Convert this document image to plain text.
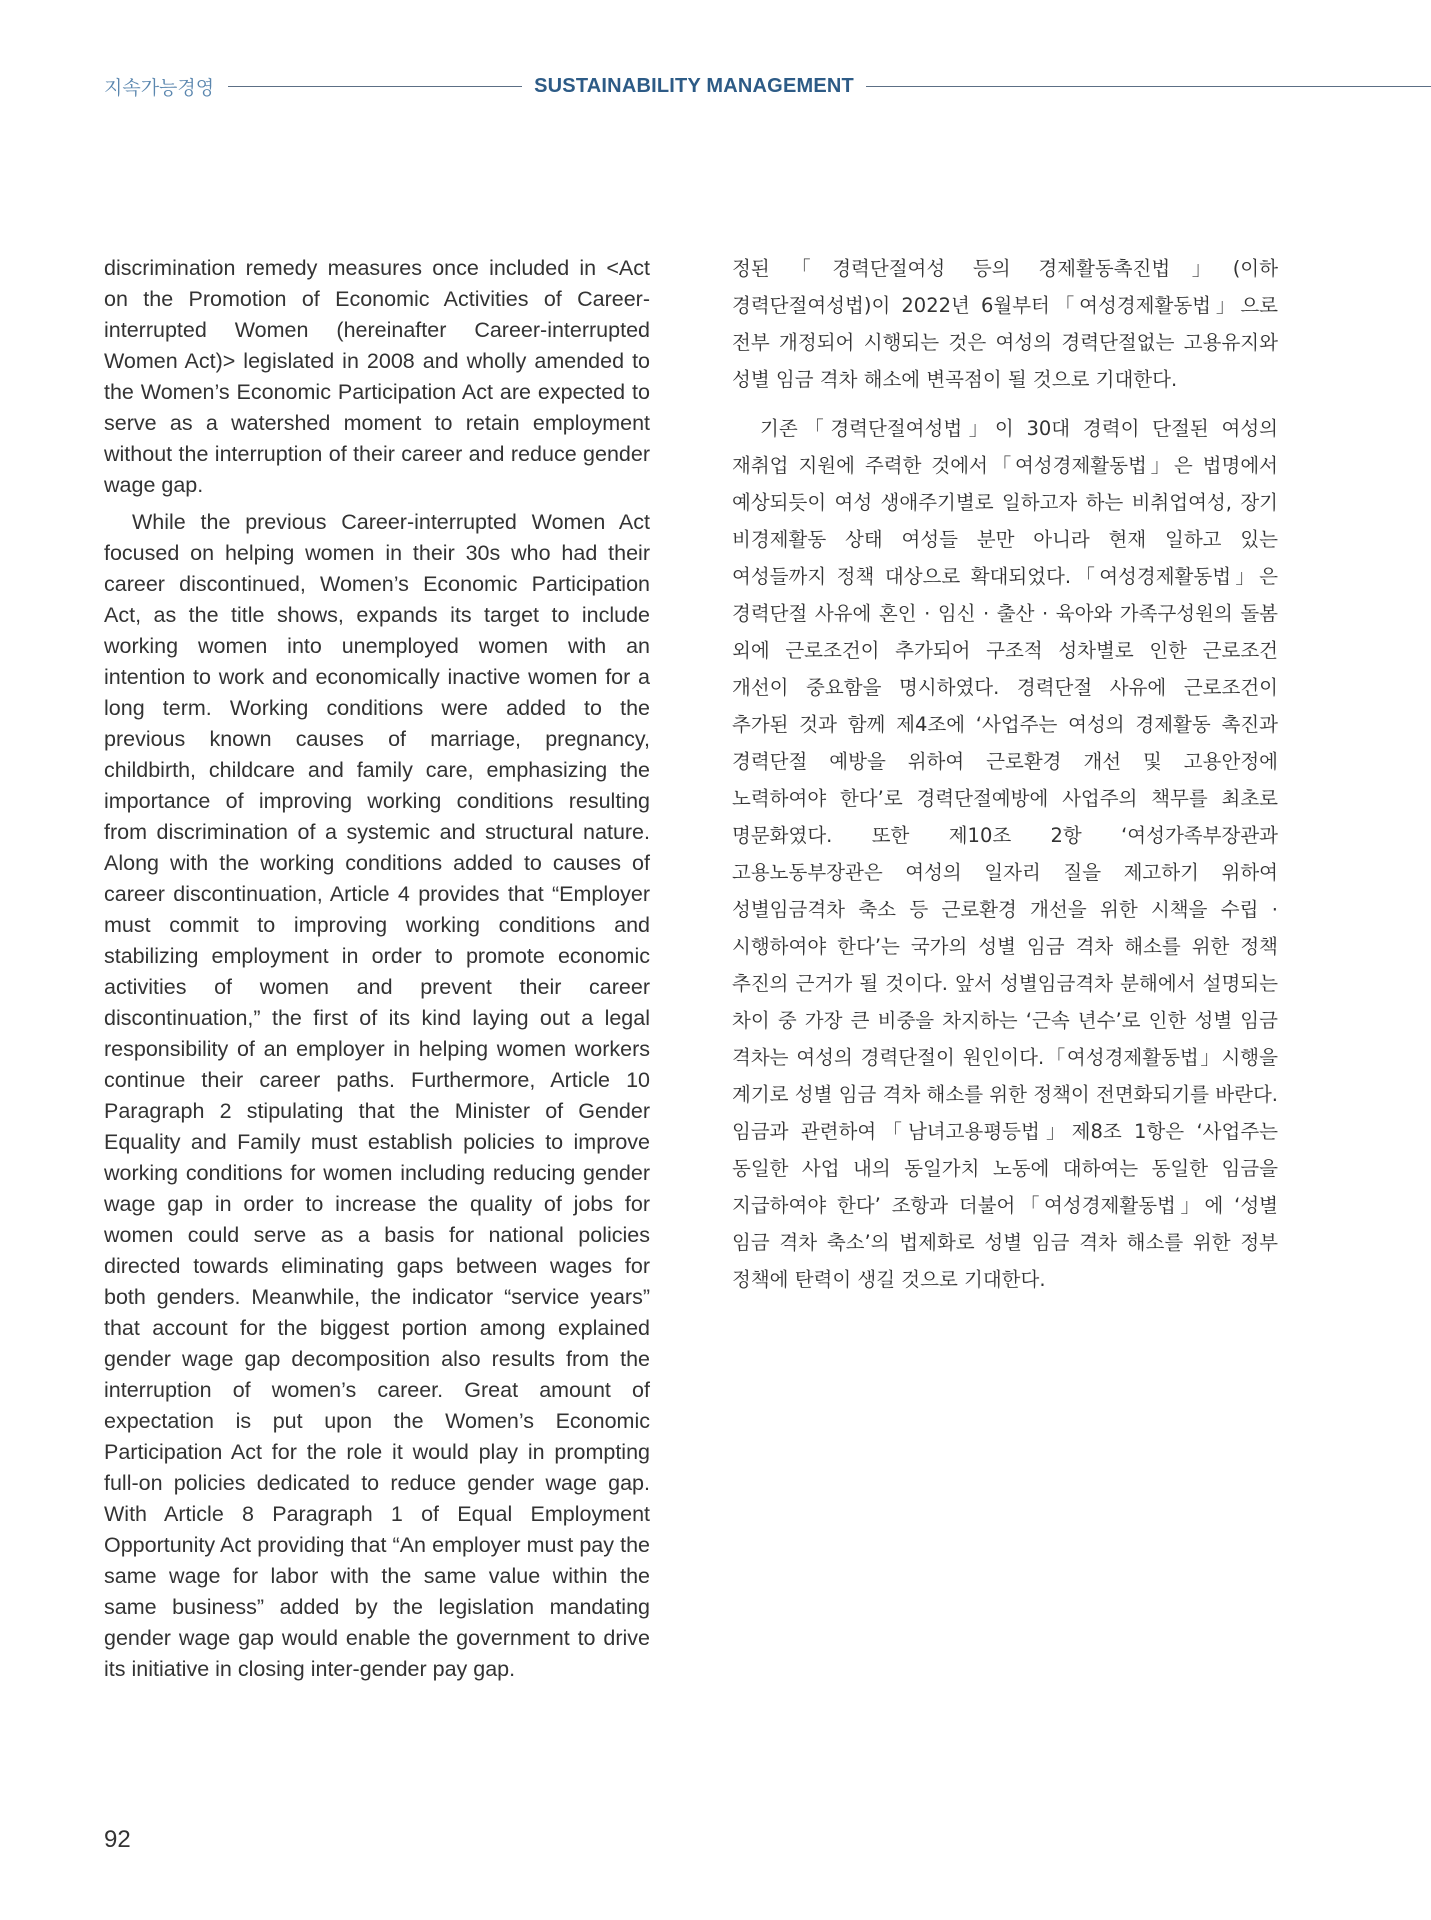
지속가능경영	SUSTAINABILITY MANAGEMENT

discrimination remedy measures once included in <Act on the Promotion of Economic Activities of Career-interrupted Women (hereinafter Career-interrupted Women Act)> legislated in 2008 and wholly amended to the Women’s Economic Participation Act are expected to serve as a watershed moment to retain employment without the interruption of their career and reduce gender wage gap.

While the previous Career-interrupted Women Act focused on helping women in their 30s who had their career discontinued, Women’s Economic Participation Act, as the title shows, expands its target to include working women into unemployed women with an intention to work and economically inactive women for a long term. Working conditions were added to the previous known causes of marriage, pregnancy, childbirth, childcare and family care, emphasizing the importance of improving working conditions resulting from discrimination of a systemic and structural nature. Along with the working conditions added to causes of career discontinuation, Article 4 provides that “Employer must commit to improving working conditions and stabilizing employment in order to promote economic activities of women and prevent their career discontinuation,” the first of its kind laying out a legal responsibility of an employer in helping women workers continue their career paths. Furthermore, Article 10 Paragraph 2 stipulating that the Minister of Gender Equality and Family must establish policies to improve working conditions for women including reducing gender wage gap in order to increase the quality of jobs for women could serve as a basis for national policies directed towards eliminating gaps between wages for both genders. Meanwhile, the indicator “service years” that account for the biggest portion among explained gender wage gap decomposition also results from the interruption of women’s career. Great amount of expectation is put upon the Women’s Economic Participation Act for the role it would play in prompting full-on policies dedicated to reduce gender wage gap. With Article 8 Paragraph 1 of Equal Employment Opportunity Act providing that “An employer must pay the same wage for labor with the same value within the same business” added by the legislation mandating gender wage gap would enable the government to drive its initiative in closing inter-gender pay gap.

정된「경력단절여성 등의 경제활동촉진법」(이하 경력단절여성법)이 2022년 6월부터「여성경제활동법」으로 전부 개정되어 시행되는 것은 여성의 경력단절없는 고용유지와 성별 임금 격차 해소에 변곡점이 될 것으로 기대한다.

기존「경력단절여성법」이 30대 경력이 단절된 여성의 재취업 지원에 주력한 것에서「여성경제활동법」은 법명에서 예상되듯이 여성 생애주기별로 일하고자 하는 비취업여성, 장기 비경제활동 상태 여성들 분만 아니라 현재 일하고 있는 여성들까지 정책 대상으로 확대되었다.「여성경제활동법」은 경력단절 사유에 혼인 · 임신 · 출산 · 육아와 가족구성원의 돌봄 외에 근로조건이 추가되어 구조적 성차별로 인한 근로조건 개선이 중요함을 명시하였다. 경력단절 사유에 근로조건이 추가된 것과 함께 제4조에 ‘사업주는 여성의 경제활동 촉진과 경력단절 예방을 위하여 근로환경 개선 및 고용안정에 노력하여야 한다’로 경력단절예방에 사업주의 책무를 최초로 명문화였다. 또한 제10조 2항 ‘여성가족부장관과 고용노동부장관은 여성의 일자리 질을 제고하기 위하여 성별임금격차 축소 등 근로환경 개선을 위한 시책을 수립 · 시행하여야 한다’는 국가의 성별 임금 격차 해소를 위한 정책 추진의 근거가 될 것이다. 앞서 성별임금격차 분해에서 설명되는 차이 중 가장 큰 비중을 차지하는 ‘근속 년수’로 인한 성별 임금 격차는 여성의 경력단절이 원인이다.「여성경제활동법」시행을 계기로 성별 임금 격차 해소를 위한 정책이 전면화되기를 바란다. 임금과 관련하여「남녀고용평등법」제8조 1항은 ‘사업주는 동일한 사업 내의 동일가치 노동에 대하여는 동일한 임금을 지급하여야 한다’ 조항과 더불어「여성경제활동법」에 ‘성별 임금 격차 축소’의 법제화로 성별 임금 격차 해소를 위한 정부 정책에 탄력이 생길 것으로 기대한다.

92
